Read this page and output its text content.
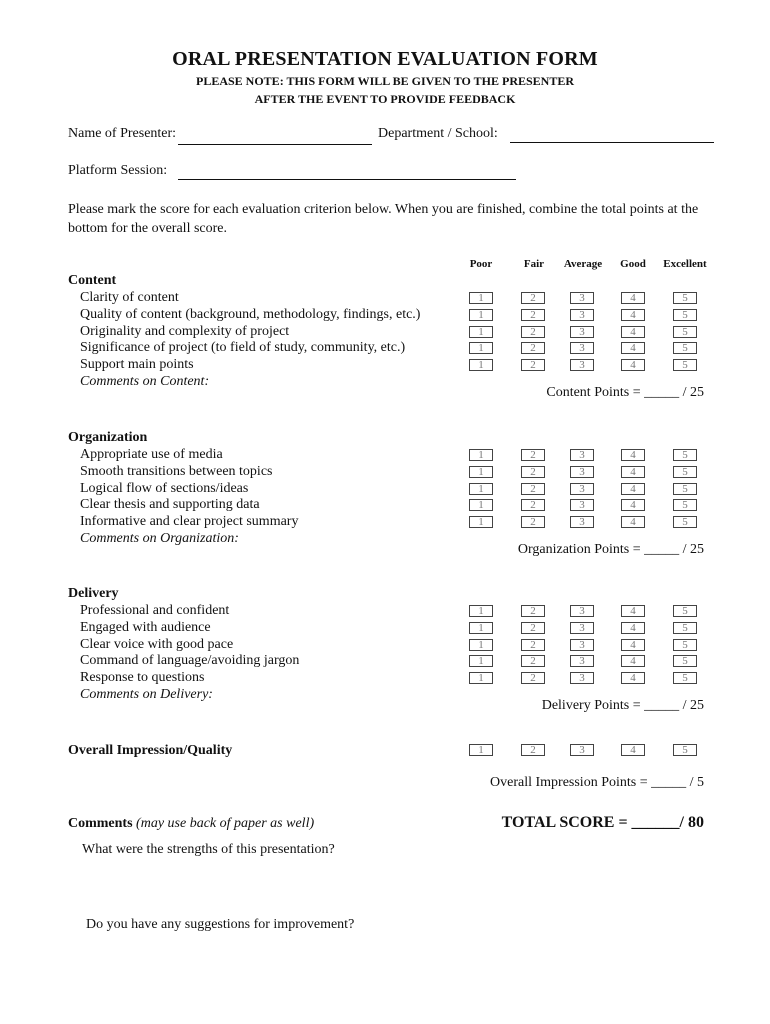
ORAL PRESENTATION EVALUATION FORM
PLEASE NOTE: THIS FORM WILL BE GIVEN TO THE PRESENTER
AFTER THE EVENT TO PROVIDE FEEDBACK
Name of Presenter:	Department / School:
Platform Session:
Please mark the score for each evaluation criterion below. When you are finished, combine the total points at the bottom for the overall score.
Poor	Fair	Average	Good	Excellent
Content
Clarity of content	1	2	3	4	5
Quality of content (background, methodology, findings, etc.)	1	2	3	4	5
Originality and complexity of project	1	2	3	4	5
Significance of project (to field of study, community, etc.)	1	2	3	4	5
Support main points	1	2	3	4	5
Comments on Content:
Content Points = _____ / 25
Organization
Appropriate use of media	1	2	3	4	5
Smooth transitions between topics	1	2	3	4	5
Logical flow of sections/ideas	1	2	3	4	5
Clear thesis and supporting data	1	2	3	4	5
Informative and clear project summary	1	2	3	4	5
Comments on Organization:
Organization Points = _____ / 25
Delivery
Professional and confident	1	2	3	4	5
Engaged with audience	1	2	3	4	5
Clear voice with good pace	1	2	3	4	5
Command of language/avoiding jargon	1	2	3	4	5
Response to questions	1	2	3	4	5
Comments on Delivery:
Delivery Points = _____ / 25
Overall Impression/Quality	1	2	3	4	5
Overall Impression Points = _____ / 5
Comments (may use back of paper as well)	TOTAL SCORE = ______/ 80
What were the strengths of this presentation?
Do you have any suggestions for improvement?
